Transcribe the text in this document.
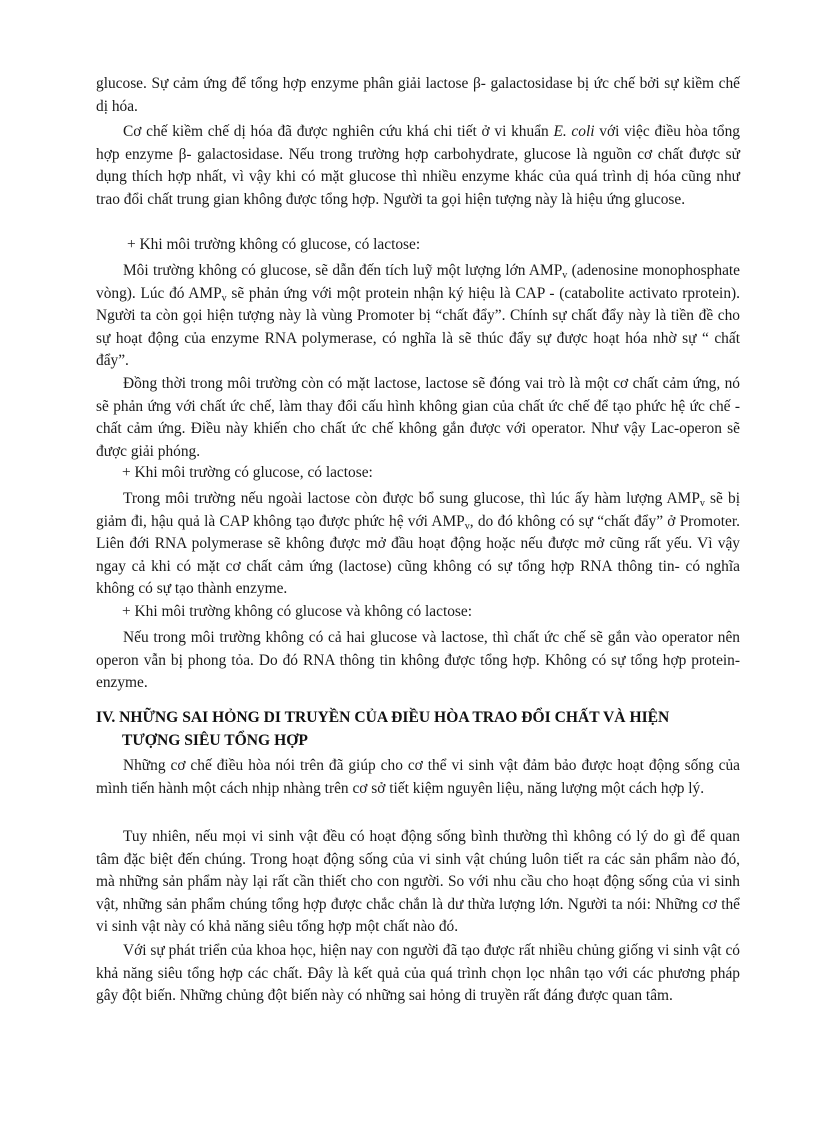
glucose. Sự cảm ứng để tổng hợp enzyme phân giải lactose β- galactosidase bị ức chế bởi sự kiềm chế dị hóa.

Cơ chế kiềm chế dị hóa đã được nghiên cứu khá chi tiết ở vi khuẩn E. coli với việc điều hòa tổng hợp enzyme β- galactosidase. Nếu trong trường hợp carbohydrate, glucose là nguồn cơ chất được sử dụng thích hợp nhất, vì vậy khi có mặt glucose thì nhiều enzyme khác của quá trình dị hóa cũng như trao đổi chất trung gian không được tổng hợp. Người ta gọi hiện tượng này là hiệu ứng glucose.

+ Khi môi trường không có glucose, có lactose:

Môi trường không có glucose, sẽ dẫn đến tích luỹ một lượng lớn $AMP_v$ (adenosine monophosphate vòng). Lúc đó $AMP_v$ sẽ phản ứng với một protein nhận ký hiệu là CAP - (catabolite activato rprotein). Người ta còn gọi hiện tượng này là vùng Promoter bị “chất đẩy”. Chính sự chất đẩy này là tiền đề cho sự hoạt động của enzyme RNA polymerase, có nghĩa là sẽ thúc đẩy sự được hoạt hóa nhờ sự “ chất đẩy”.

Đồng thời trong môi trường còn có mặt lactose, lactose sẽ đóng vai trò là một cơ chất cảm ứng, nó sẽ phản ứng với chất ức chế, làm thay đổi cấu hình không gian của chất ức chế để tạo phức hệ ức chế - chất cảm ứng. Điều này khiến cho chất ức chế không gắn được với operator. Như vậy Lac-operon sẽ được giải phóng.

+ Khi môi trường có glucose, có lactose:

Trong môi trường nếu ngoài lactose còn được bổ sung glucose, thì lúc ấy hàm lượng $AMP_v$ sẽ bị giảm đi, hậu quả là CAP không tạo được phức hệ với $AMP_v$, do đó không có sự “chất đẩy” ở Promoter. Liên đới RNA polymerase sẽ không được mở đầu hoạt động hoặc nếu được mở cũng rất yếu. Vì vậy ngay cả khi có mặt cơ chất cảm ứng (lactose) cũng không có sự tổng hợp RNA thông tin- có nghĩa không có sự tạo thành enzyme.

+ Khi môi trường không có glucose và không có lactose:

Nếu trong môi trường không có cả hai glucose và lactose, thì chất ức chế sẽ gắn vào operator nên operon vẫn bị phong tỏa. Do đó RNA thông tin không được tổng hợp. Không có sự tổng hợp protein- enzyme.

IV. NHỮNG SAI HỎNG DI TRUYỀN CỦA ĐIỀU HÒA TRAO ĐỔI CHẤT VÀ HIỆN
TƯỢNG SIÊU TỔNG HỢP

Những cơ chế điều hòa nói trên đã giúp cho cơ thể vi sinh vật đảm bảo được hoạt động sống của mình tiến hành một cách nhịp nhàng trên cơ sở tiết kiệm nguyên liệu, năng lượng một cách hợp lý.

Tuy nhiên, nếu mọi vi sinh vật đều có hoạt động sống bình thường thì không có lý do gì để quan tâm đặc biệt đến chúng. Trong hoạt động sống của vi sinh vật chúng luôn tiết ra các sản phẩm nào đó, mà những sản phẩm này lại rất cần thiết cho con người. So với nhu cầu cho hoạt động sống của vi sinh vật, những sản phẩm chúng tổng hợp được chắc chắn là dư thừa lượng lớn. Người ta nói: Những cơ thể vi sinh vật này có khả năng siêu tổng hợp một chất nào đó.

Với sự phát triển của khoa học, hiện nay con người đã tạo được rất nhiều chủng giống vi sinh vật có khả năng siêu tổng hợp các chất. Đây là kết quả của quá trình chọn lọc nhân tạo với các phương pháp gây đột biến. Những chủng đột biến này có những sai hỏng di truyền rất đáng được quan tâm.
